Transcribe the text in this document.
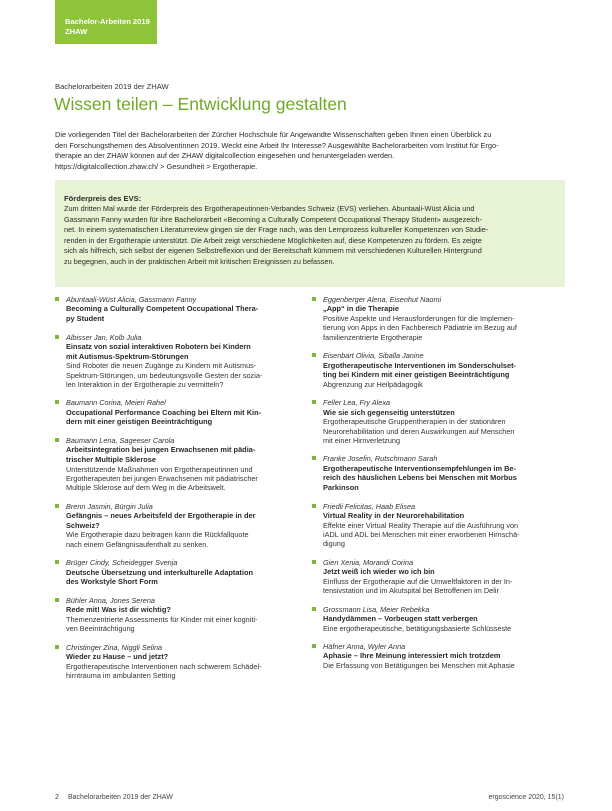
Bachelor-Arbeiten 2019
ZHAW
Bachelorarbeiten 2019 der ZHAW
Wissen teilen – Entwicklung gestalten
Die vorliegenden Titel der Bachelorarbeiten der Zürcher Hochschule für Angewandte Wissenschaften geben Ihnen einen Überblick zu
den Forschungsthemen des Absolventinnen 2019. Weckt eine Arbeit Ihr Interesse? Ausgewählte Bachelorarbeiten vom Institut für Ergo-
therapie an der ZHAW können auf der ZHAW digitalcollection eingesehen und heruntergeladen werden.
https://digitalcollection.zhaw.ch/ > Gesundheit > Ergotherapie.
Förderpreis des EVS:
Zum dritten Mal wurde der Förderpreis des Ergotherapeutinnen-Verbandes Schweiz (EVS) verliehen. Abuntaali-Wüst Alicia und
Gassmann Fanny wurden für ihre Bachelorarbeit «Becoming a Culturally Competent Occupational Therapy Student» ausgezeich-
net. In einem systematischen Literaturreview gingen sie der Frage nach, was den Lernprozess kultureller Kompetenzen von Studie-
renden in der Ergotherapie unterstützt. Die Arbeit zeigt verschiedene Möglichkeiten auf, diese Kompetenzen zu fördern. Es zeigte
sich als hilfreich, sich selbst der eigenen Selbstreflexion und der Bereitschaft kümmern mit verschiedenen Kulturellen Hintergrund
zu begegnen, auch in der praktischen Arbeit mit kritischen Ereignissen zu befassen.
Abuntaali-Wüst Alicia, Gassmann Fanny
Becoming a Culturally Competent Occupational Thera-
py Student
Albisser Jan, Kolb Julia
Einsatz von sozial interaktiven Robotern bei Kindern
mit Autismus-Spektrum-Störungen
Sind Roboter die neuen Zugänge zu Kindern mit Autismus-
Spektrum-Störungen, um bedeutungsvolle Gesten der sozia-
len Interaktion in der Ergotherapie zu vermitteln?
Baumann Corina, Meieri Rahel
Occupational Performance Coaching bei Eltern mit Kin-
dern mit einer geistigen Beeinträchtigung
Baumann Lena, Sageeser Carola
Arbeitsintegration bei jungen Erwachsenen mit pädia-
trischer Multiple Sklerose
Unterstützende Maßnahmen von Ergotherapeutinnen und
Ergotherapeuten bei jungen Erwachsenen mit pädiatrischer
Multiple Sklerose auf dem Weg in die Arbeitswelt.
Brenn Jasmin, Bürgin Julia
Gefängnis – neues Arbeitsfeld der Ergotherapie in der
Schweiz?
Wie Ergotherapie dazu beitragen kann die Rückfallquote
nach einem Gefängnisaufenthalt zu senken.
Brüger Cindy, Scheidegger Svenja
Deutsche Übersetzung und interkulturelle Adaptation
des Workstyle Short Form
Bühler Anna, Jones Serena
Rede mit! Was ist dir wichtig?
Themenzentrierte Assessments für Kinder mit einer kogniti-
ven Beeinträchtigung
Christinger Zina, Niggli Selina
Wieder zu Hause – und jetzt?
Ergotherapeutische Interventionen nach schwerem Schädel-
hirntrauma im ambulanten Setting
Eggenberger Alena, Eisenhut Naomi
„App“ in die Therapie
Positive Aspekte und Herausforderungen für die Implemen-
tierung von Apps in den Fachbereich Pädiatrie im Bezug auf
familienzentrierte Ergotherapie
Eisenbart Olivia, Siballa Janine
Ergotherapeutische Interventionen im Sonderschulset-
ting bei Kindern mit einer geistigen Beeinträchtigung
Abgrenzung zur Heilpädagogik
Feller Lea, Fry Alexa
Wie sie sich gegenseitig unterstützen
Ergotherapeutische Gruppentherapien in der stationären
Neurorehabilitation und deren Auswirkungen auf Menschen
mit einer Hirnverletzung
Franke Josefin, Rutschmann Sarah
Ergotherapeutische Interventionsempfehlungen im Be-
reich des häuslichen Lebens bei Menschen mit Morbus
Parkinson
Friedli Felicitas, Haab Elisea
Virtual Reality in der Neurorehabilitation
Effekte einer Virtual Reality Therapie auf die Ausführung von
iADL und ADL bei Menschen mit einer erworbenen Hirnschä-
digung
Gien Xenia, Morandi Corina
Jetzt weiß ich wieder wo ich bin
Einfluss der Ergotherapie auf die Umweltfaktoren in der In-
tensivstation und im Akutspital bei Betroffenen im Delir
Grossmann Lisa, Meier Rebekka
Handydämmen – Vorbeugen statt verbergen
Eine ergotherapeutische, betätigungsbasierte Schlüsseste
Häfner Anna, Wyler Anna
Aphasie – Ihre Meinung interessiert mich trotzdem
Die Erfassung von Betätigungen bei Menschen mit Aphasie
2 Bachelorarbeiten 2019 der ZHAW	ergoscience 2020, 15(1)
